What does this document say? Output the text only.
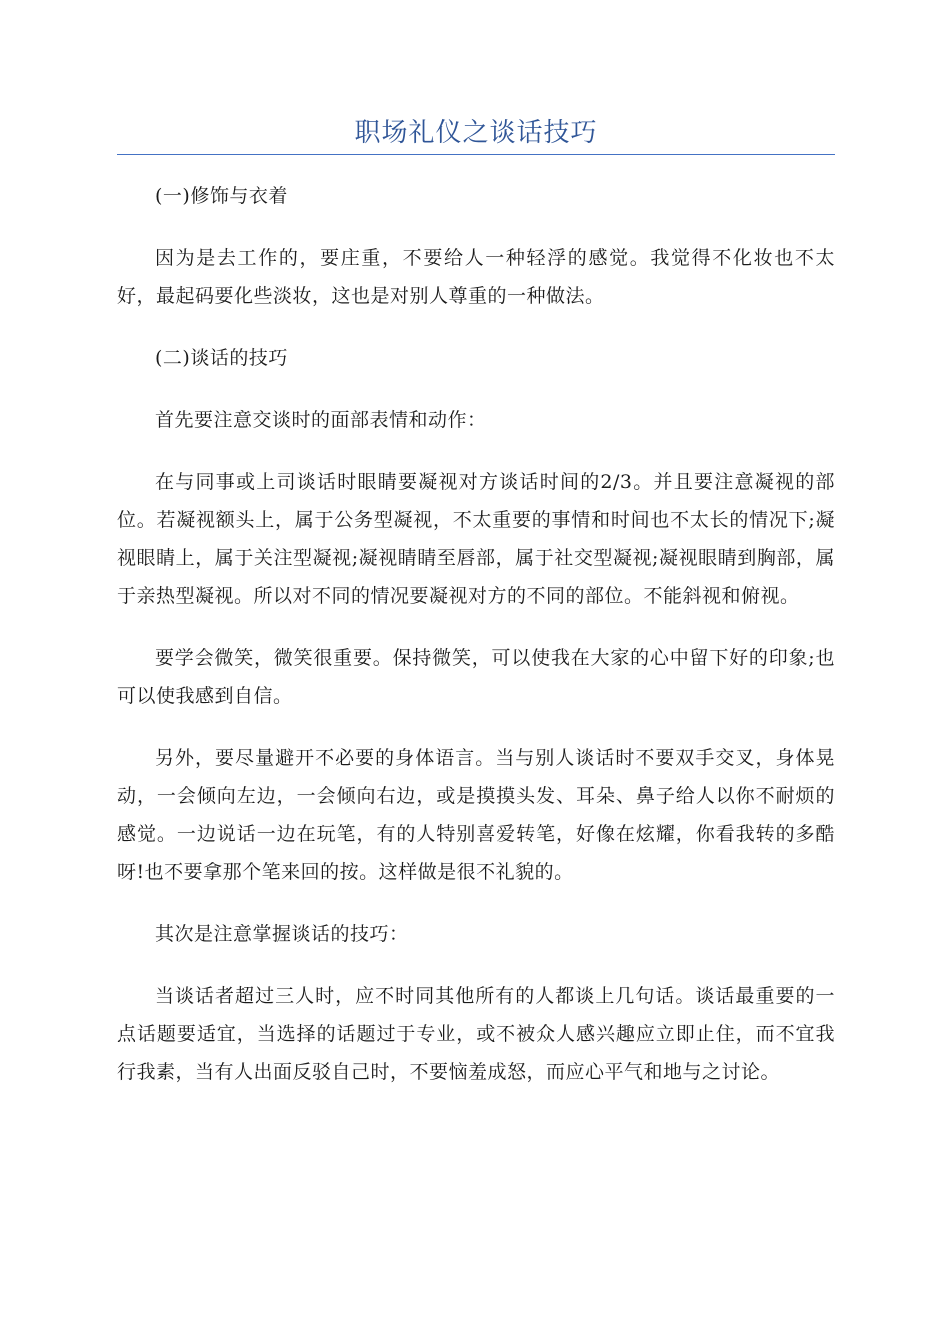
职场礼仪之谈话技巧

(一)修饰与衣着

因为是去工作的，要庄重，不要给人一种轻浮的感觉。我觉得不化妆也不太好，最起码要化些淡妆，这也是对别人尊重的一种做法。

(二)谈话的技巧

首先要注意交谈时的面部表情和动作：

在与同事或上司谈话时眼睛要凝视对方谈话时间的2/3。并且要注意凝视的部位。若凝视额头上，属于公务型凝视，不太重要的事情和时间也不太长的情况下;凝视眼睛上，属于关注型凝视;凝视睛睛至唇部，属于社交型凝视;凝视眼睛到胸部，属于亲热型凝视。所以对不同的情况要凝视对方的不同的部位。不能斜视和俯视。

要学会微笑，微笑很重要。保持微笑，可以使我在大家的心中留下好的印象;也可以使我感到自信。

另外，要尽量避开不必要的身体语言。当与别人谈话时不要双手交叉，身体晃动，一会倾向左边，一会倾向右边，或是摸摸头发、耳朵、鼻子给人以你不耐烦的感觉。一边说话一边在玩笔，有的人特别喜爱转笔，好像在炫耀，你看我转的多酷呀!也不要拿那个笔来回的按。这样做是很不礼貌的。

其次是注意掌握谈话的技巧：

当谈话者超过三人时，应不时同其他所有的人都谈上几句话。谈话最重要的一点话题要适宜，当选择的话题过于专业，或不被众人感兴趣应立即止住，而不宜我行我素，当有人出面反驳自己时，不要恼羞成怒，而应心平气和地与之讨论。
